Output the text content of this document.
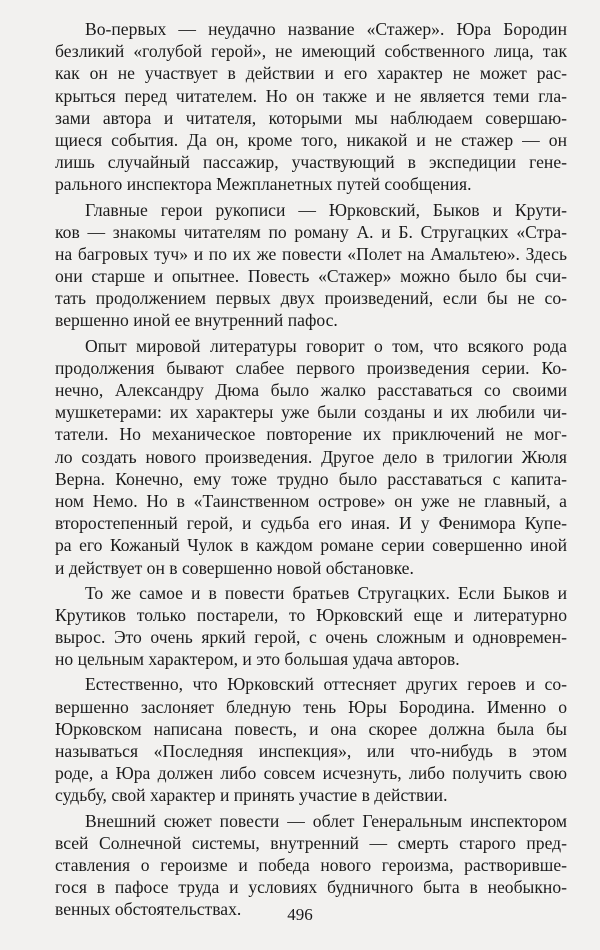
Во-первых — неудачно название «Стажер». Юра Бородин
безликий «голубой герой», не имеющий собственного лица, так
как он не участвует в действии и его характер не может рас-
крыться перед читателем. Но он также и не является теми гла-
зами автора и читателя, которыми мы наблюдаем совершаю-
щиеся события. Да он, кроме того, никакой и не стажер — он
лишь случайный пассажир, участвующий в экспедиции гене-
рального инспектора Межпланетных путей сообщения.
Главные герои рукописи — Юрковский, Быков и Крути-
ков — знакомы читателям по роману А. и Б. Стругацких «Стра-
на багровых туч» и по их же повести «Полет на Амальтею». Здесь
они старше и опытнее. Повесть «Стажер» можно было бы счи-
тать продолжением первых двух произведений, если бы не со-
вершенно иной ее внутренний пафос.
Опыт мировой литературы говорит о том, что всякого рода
продолжения бывают слабее первого произведения серии. Ко-
нечно, Александру Дюма было жалко расставаться со своими
мушкетерами: их характеры уже были созданы и их любили чи-
татели. Но механическое повторение их приключений не мог-
ло создать нового произведения. Другое дело в трилогии Жюля
Верна. Конечно, ему тоже трудно было расставаться с капита-
ном Немо. Но в «Таинственном острове» он уже не главный, а
второстепенный герой, и судьба его иная. И у Фенимора Купе-
ра его Кожаный Чулок в каждом романе серии совершенно иной
и действует он в совершенно новой обстановке.
То же самое и в повести братьев Стругацких. Если Быков и
Крутиков только постарели, то Юрковский еще и литературно
вырос. Это очень яркий герой, с очень сложным и одновремен-
но цельным характером, и это большая удача авторов.
Естественно, что Юрковский оттесняет других героев и со-
вершенно заслоняет бледную тень Юры Бородина. Именно о
Юрковском написана повесть, и она скорее должна была бы
называться «Последняя инспекция», или что-нибудь в этом
роде, а Юра должен либо совсем исчезнуть, либо получить свою
судьбу, свой характер и принять участие в действии.
Внешний сюжет повести — облет Генеральным инспектором
всей Солнечной системы, внутренний — смерть старого пред-
ставления о героизме и победа нового героизма, растворивше-
гося в пафосе труда и условиях будничного быта в необыкно-
венных обстоятельствах.	496
